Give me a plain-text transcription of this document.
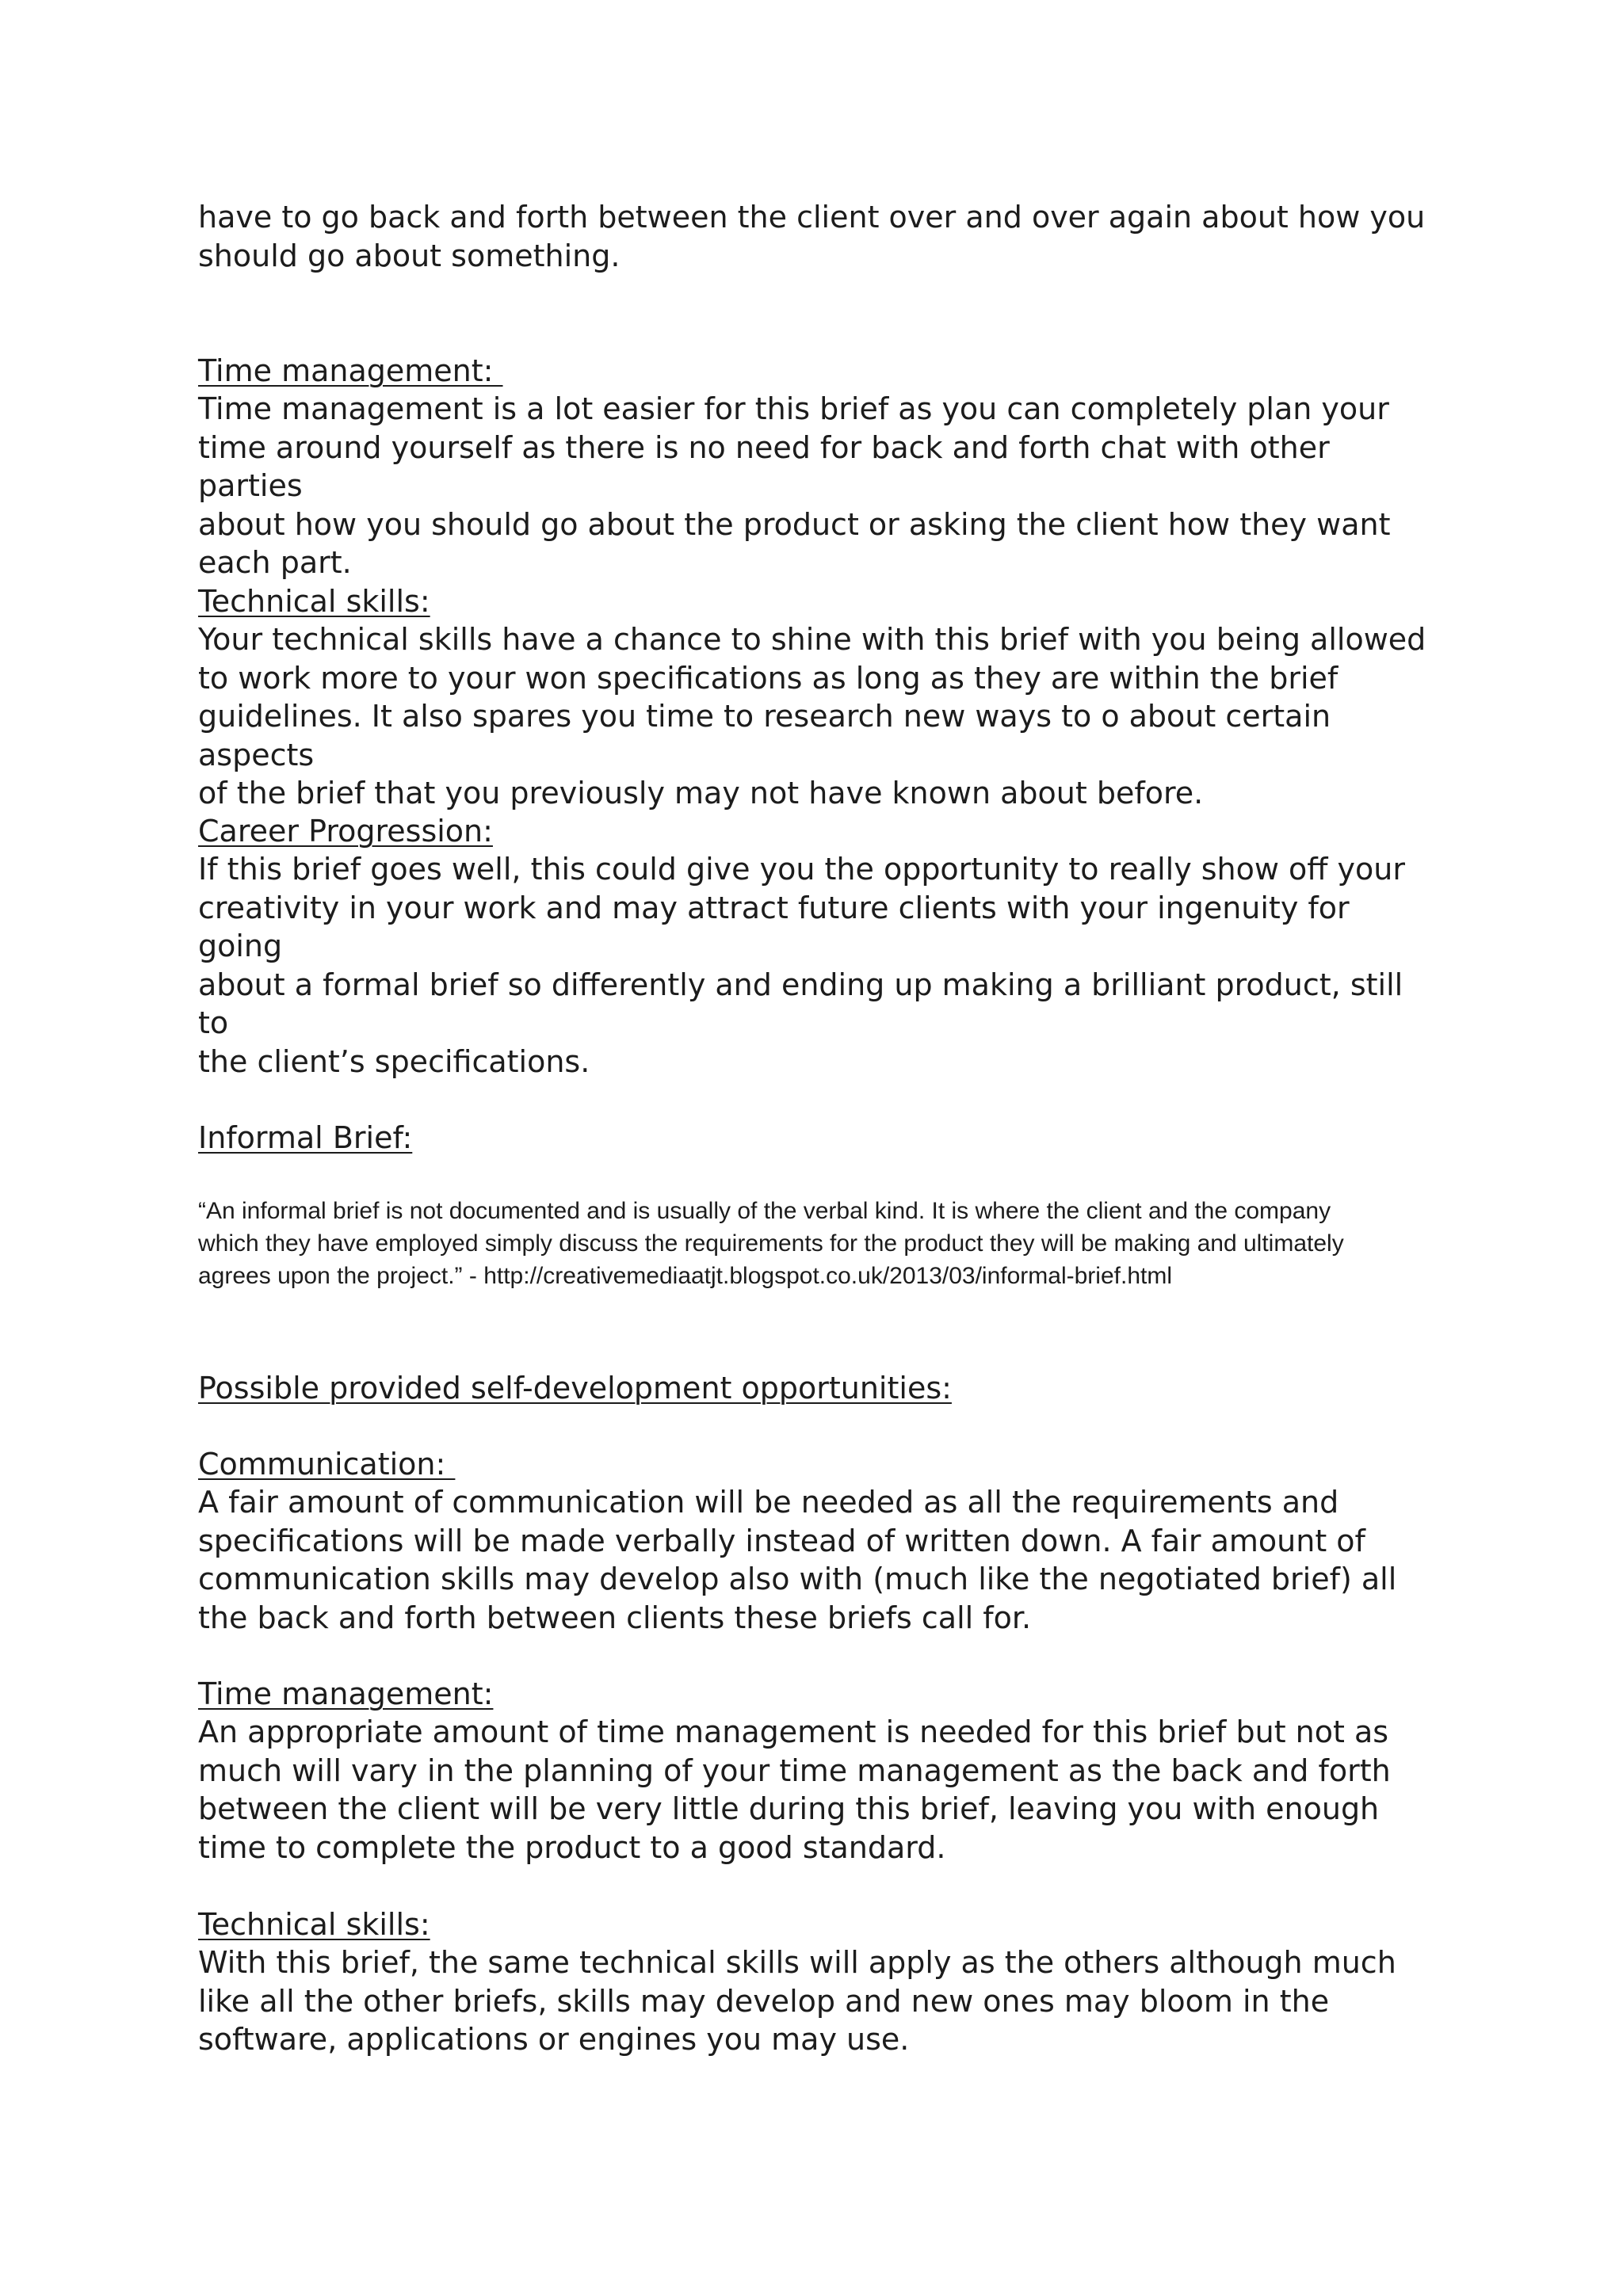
have to go back and forth between the client over and over again about how you
should go about something.

Time management:

Time management is a lot easier for this brief as you can completely plan your
time around yourself as there is no need for back and forth chat with other parties
about how you should go about the product or asking the client how they want
each part.

Technical skills:

Your technical skills have a chance to shine with this brief with you being allowed
to work more to your won specifications as long as they are within the brief
guidelines. It also spares you time to research new ways to o about certain aspects
of the brief that you previously may not have known about before.

Career Progression:

If this brief goes well, this could give you the opportunity to really show off your
creativity in your work and may attract future clients with your ingenuity for going
about a formal brief so differently and ending up making a brilliant product, still to
the client’s specifications.

Informal Brief:

“An informal brief is not documented and is usually of the verbal kind. It is where the client and the company
which they have employed simply discuss the requirements for the product they will be making and ultimately
agrees upon the project.” - http://creativemediaatjt.blogspot.co.uk/2013/03/informal-brief.html

Possible provided self-development opportunities:

Communication:

A fair amount of communication will be needed as all the requirements and
specifications will be made verbally instead of written down. A fair amount of
communication skills may develop also with (much like the negotiated brief) all
the back and forth between clients these briefs call for.

Time management:

An appropriate amount of time management is needed for this brief but not as
much will vary in the planning of your time management as the back and forth
between the client will be very little during this brief, leaving you with enough
time to complete the product to a good standard.

Technical skills:

With this brief, the same technical skills will apply as the others although much
like all the other briefs, skills may develop and new ones may bloom in the
software, applications or engines you may use.
